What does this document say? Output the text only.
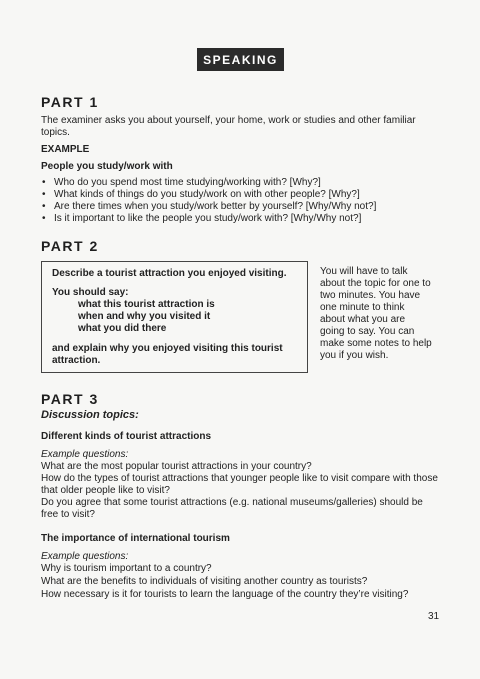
SPEAKING
PART 1
The examiner asks you about yourself, your home, work or studies and other familiar topics.
EXAMPLE
People you study/work with
• Who do you spend most time studying/working with? [Why?]
• What kinds of things do you study/work on with other people? [Why?]
• Are there times when you study/work better by yourself? [Why/Why not?]
• Is it important to like the people you study/work with? [Why/Why not?]
PART 2
Describe a tourist attraction you enjoyed visiting.
You should say:
what this tourist attraction is
when and why you visited it
what you did there
and explain why you enjoyed visiting this tourist attraction.
You will have to talk about the topic for one to two minutes. You have one minute to think about what you are going to say. You can make some notes to help you if you wish.
PART 3
Discussion topics:
Different kinds of tourist attractions
Example questions:
What are the most popular tourist attractions in your country?
How do the types of tourist attractions that younger people like to visit compare with those that older people like to visit?
Do you agree that some tourist attractions (e.g. national museums/galleries) should be free to visit?
The importance of international tourism
Example questions:
Why is tourism important to a country?
What are the benefits to individuals of visiting another country as tourists?
How necessary is it for tourists to learn the language of the country they’re visiting?
31
